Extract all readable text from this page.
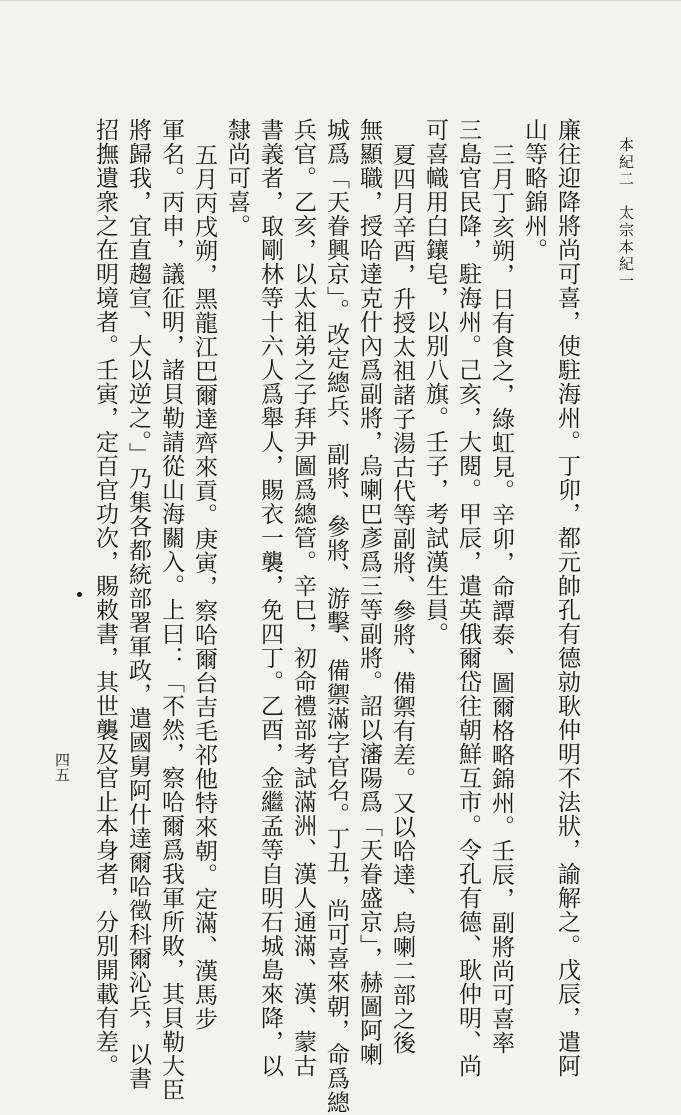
廉往迎降將尚可喜，使駐海州。丁卯，都元帥孔有德勍耿仲明不法狀，諭解之。戊辰，遣阿
山等略錦州。
三月丁亥朔，日有食之，綠虹見。辛卯，命譚泰、圖爾格略錦州。壬辰，副將尚可喜率
三島官民降，駐海州。己亥，大閱。甲辰，遣英俄爾岱往朝鮮互市。令孔有德、耿仲明、尚
可喜幟用白鑲皂，以別八旗。壬子，考試漢生員。
夏四月辛酉，升授太祖諸子湯古代等副將、參將、備禦有差。又以哈達、烏喇二部之後
無顯職，授哈達克什內爲副將，烏喇巴彥爲三等副將。詔以瀋陽爲「天眷盛京」，赫圖阿喇
城爲「天眷興京」。改定總兵、副將、參將、游擊、備禦滿字官名。丁丑，尚可喜來朝，命爲總
兵官。乙亥，以太祖弟之子拜尹圖爲總管。辛巳，初命禮部考試滿洲、漢人通滿、漢、蒙古
書義者，取剛林等十六人爲舉人，賜衣一襲，免四丁。乙酉，金繼孟等自明石城島來降，以
隸尚可喜。
五月丙戌朔，黑龍江巴爾達齊來貢。庚寅，察哈爾台吉毛祁他特來朝。定滿、漢馬步
軍名。丙申，議征明，諸貝勒請從山海關入。上曰：「不然，察哈爾爲我軍所敗，其貝勒大臣
將歸我，宜直趨宣、大以逆之。」乃集各都統部署軍政，遣國舅阿什達爾哈徵科爾沁兵，以書
招撫遺衆之在明境者。壬寅，定百官功次，賜敕書，其世襲及官止本身者，分別開載有差。	本紀二　太宗本紀一
四五
